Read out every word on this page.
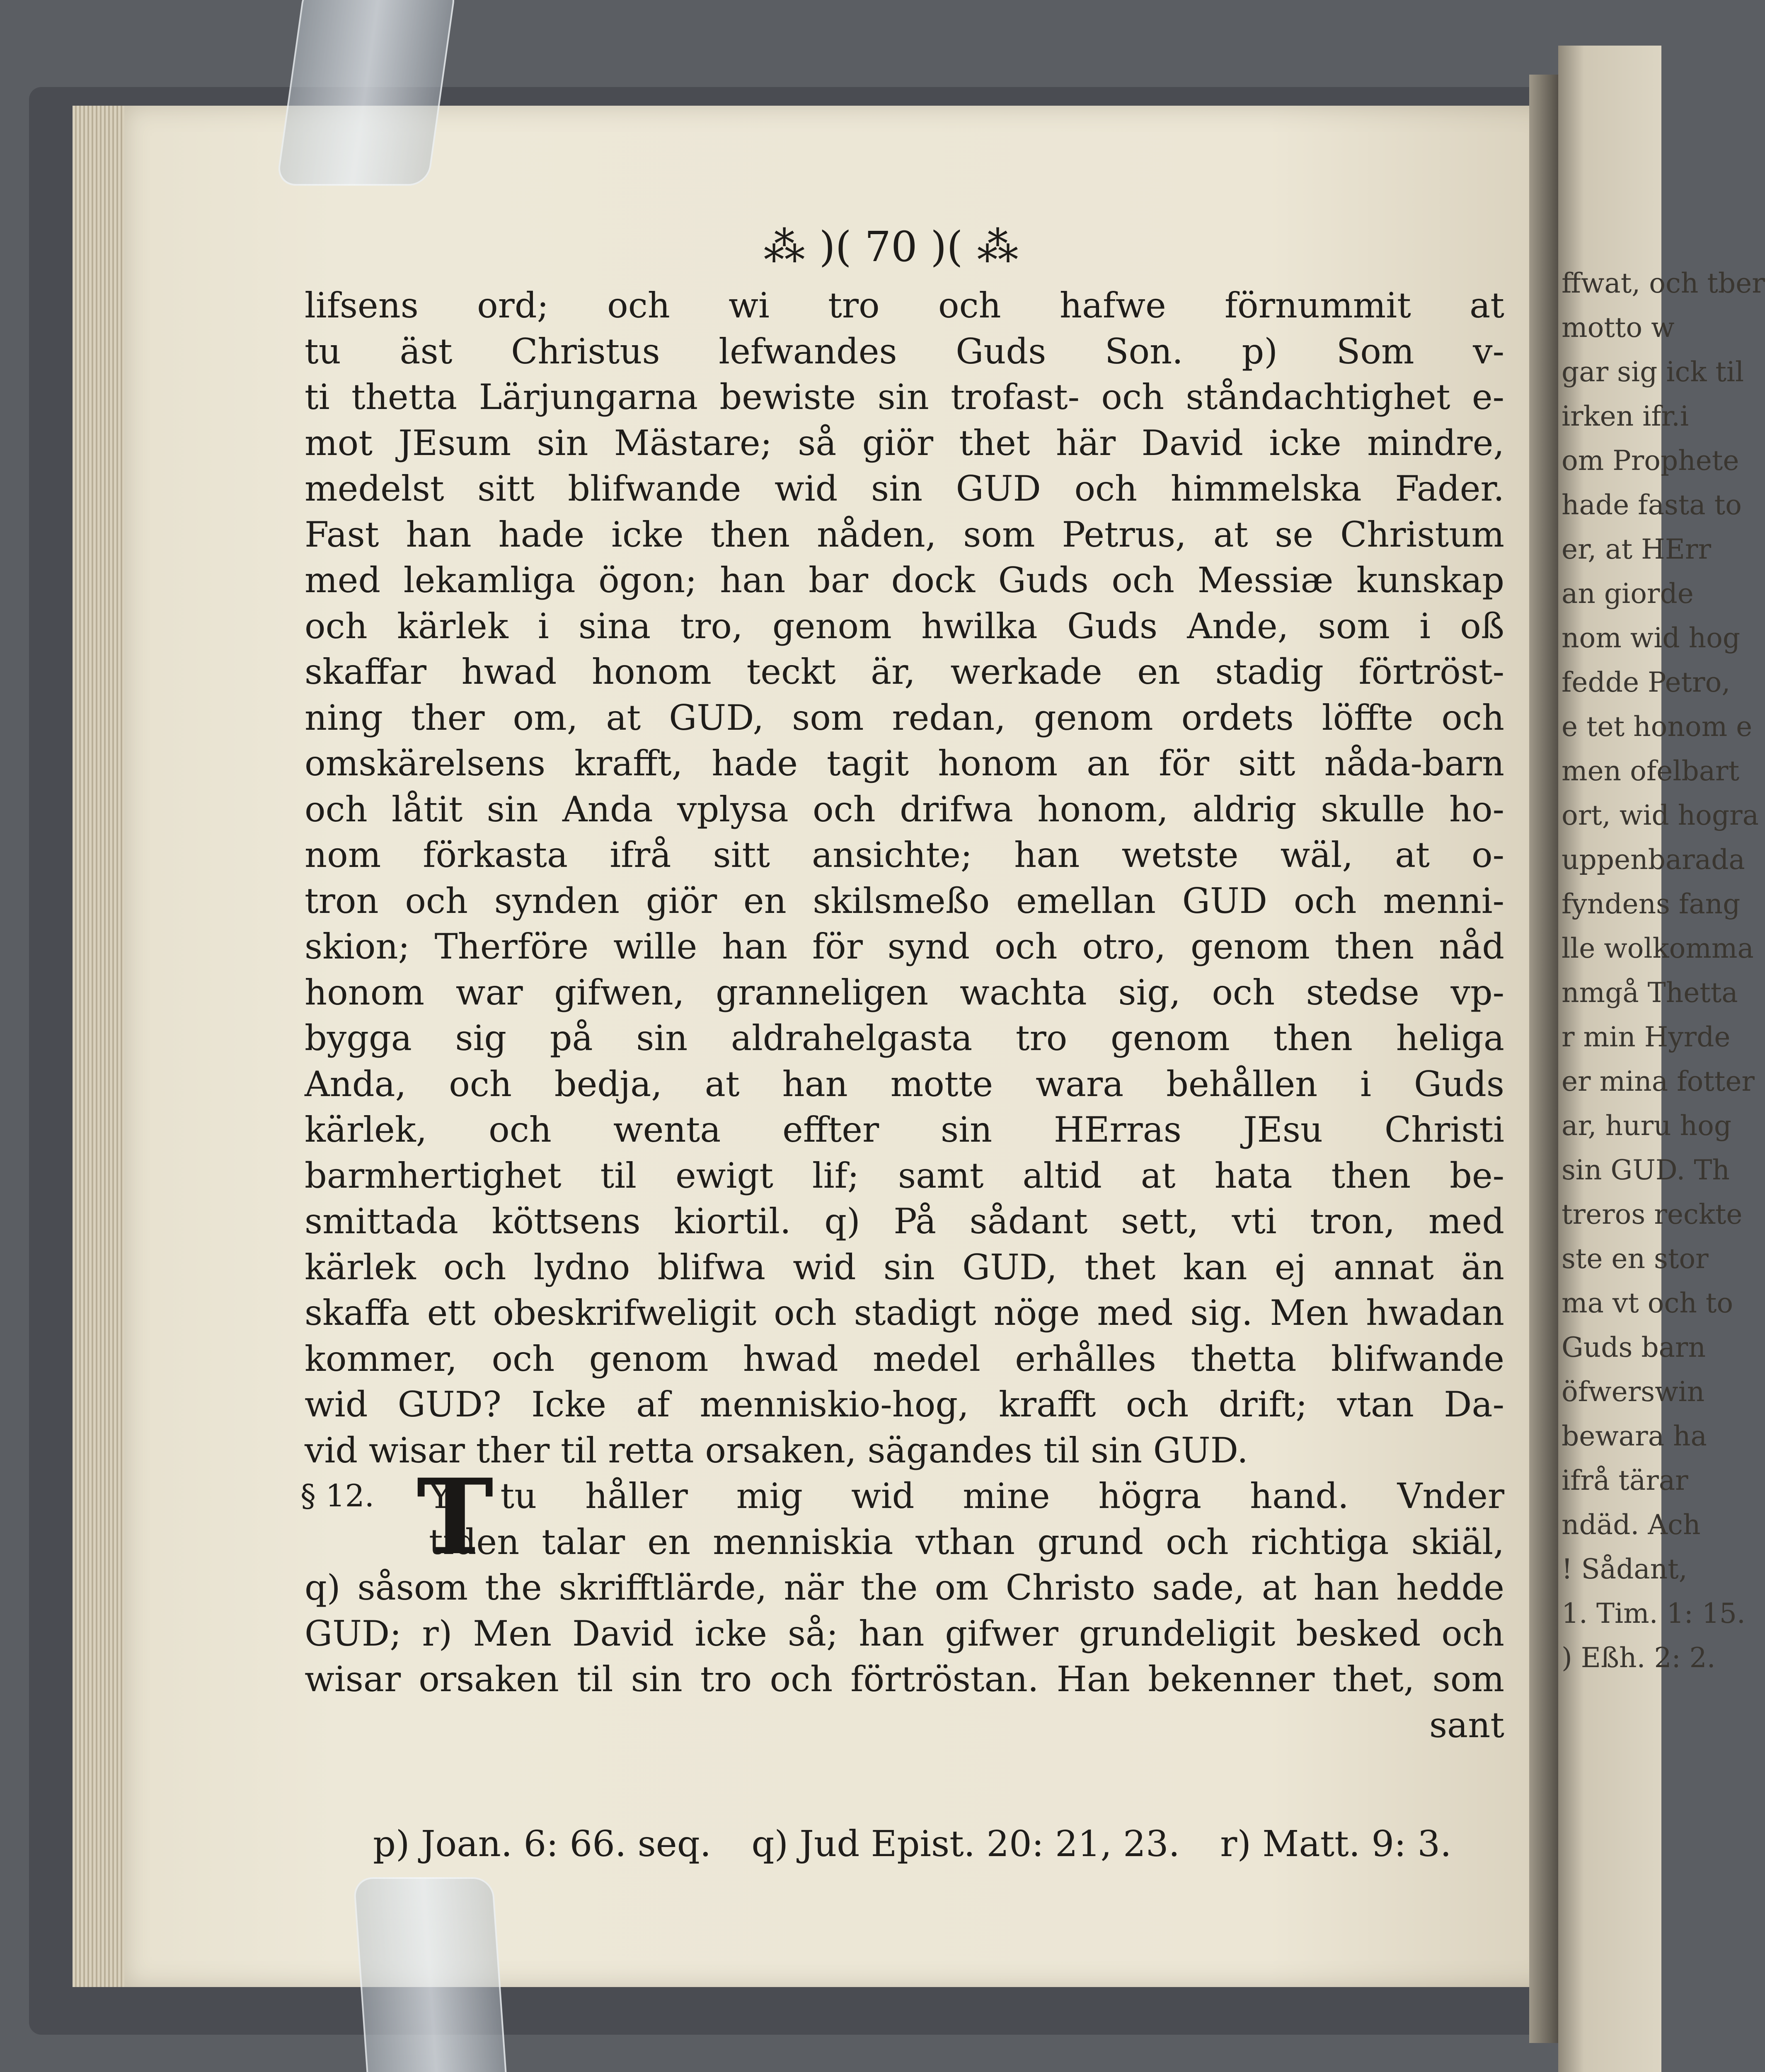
⁂ )( 70 )( ⁂
lifsens ord; och wi tro och hafwe förnummit at
tu äst Christus lefwandes Guds Son. p) Som v-
ti thetta Lärjungarna bewiste sin trofast- och ståndachtighet e-
mot JEsum sin Mästare; så giör thet här David icke mindre,
medelst sitt blifwande wid sin GUD och himmelska Fader.
Fast han hade icke then nåden, som Petrus, at se Christum
med lekamliga ögon; han bar dock Guds och Messiæ kunskap
och kärlek i sina tro, genom hwilka Guds Ande, som i oß
skaffar hwad honom teckt är, werkade en stadig förtröst-
ning ther om, at GUD, som redan, genom ordets löffte och
omskärelsens krafft, hade tagit honom an för sitt nåda-barn
och låtit sin Anda vplysa och drifwa honom, aldrig skulle ho-
nom förkasta ifrå sitt ansichte; han wetste wäl, at o-
tron och synden giör en skilsmeßo emellan GUD och menni-
skion; Therföre wille han för synd och otro, genom then nåd
honom war gifwen, granneligen wachta sig, och stedse vp-
bygga sig på sin aldrahelgasta tro genom then heliga
Anda, och bedja, at han motte wara behållen i Guds
kärlek, och wenta effter sin HErras JEsu Christi
barmhertighet til ewigt lif; samt altid at hata then be-
smittada köttsens kiortil. q) På sådant sett, vti tron, med
kärlek och lydno blifwa wid sin GUD, thet kan ej annat än
skaffa ett obeskrifweligit och stadigt nöge med sig. Men hwadan
kommer, och genom hwad medel erhålles thetta blifwande
wid GUD? Icke af menniskio-hog, krafft och drift; vtan Da-
vid wisar ther til retta orsaken, sägandes til sin GUD.
§ 12. T
Y tu håller mig wid mine högra hand. Vnder
tiden talar en menniskia vthan grund och richtiga skiäl,
q) såsom the skrifftlärde, när the om Christo sade, at han hedde
GUD; r) Men David icke så; han gifwer grundeligit besked och
wisar orsaken til sin tro och förtröstan. Han bekenner thet, som
sant
p) Joan. 6: 66. seq. q) Jud Epist. 20: 21, 23. r) Matt. 9: 3.
ffwat, och tber
motto w
gar sig ick til
irken ifr.i
om Prophete
hade fasta to
er, at HErr
an giorde
nom wid hog
fedde Petro,
e tet honom e
men ofelbart
ort, wid hogra
uppenbarada
fyndens fang
lle wolkomma
nmgå Thetta
r min Hyrde
er mina fotter
ar, huru hog
sin GUD. Th
treros reckte
ste en stor
ma vt och to
Guds barn
öfwerswin
bewara ha
ifrå tärar
ndäd. Ach
! Sådant,
1. Tim. 1: 15.
) Eßh. 2: 2.
